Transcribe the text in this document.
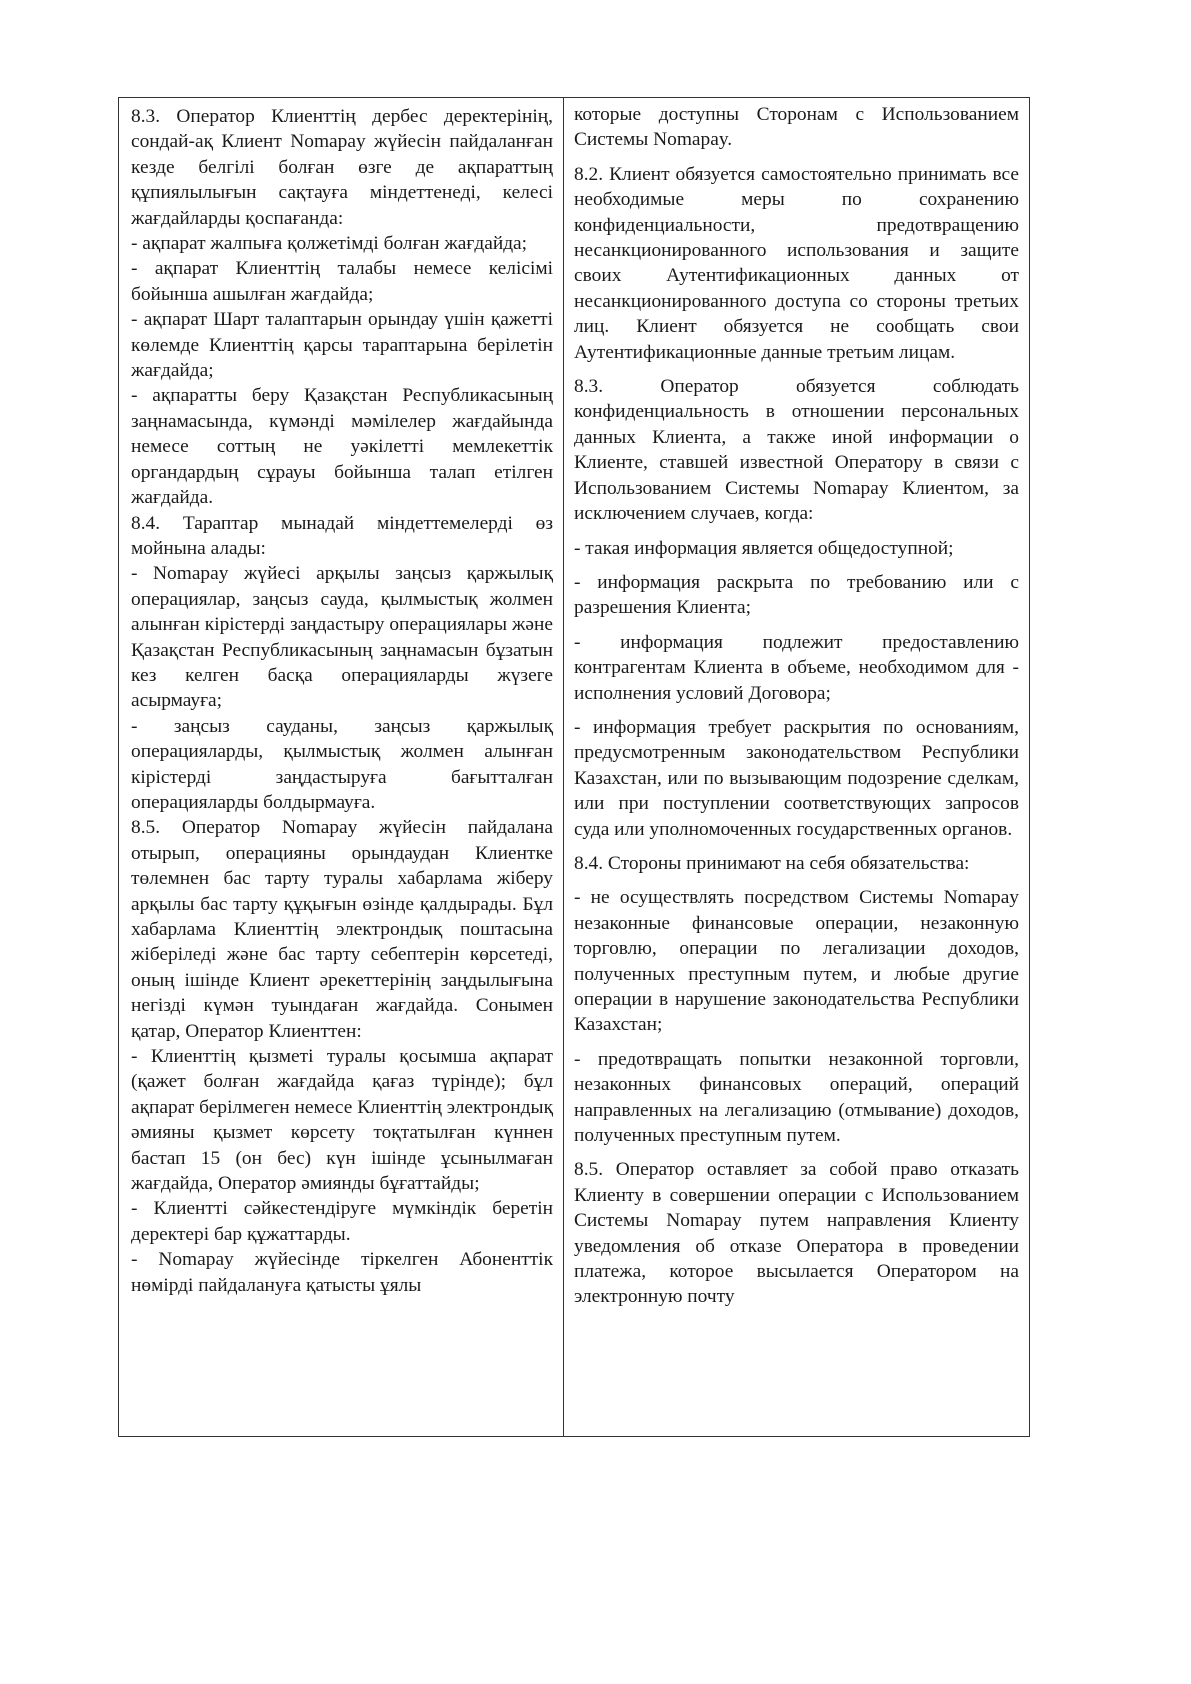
8.3. Оператор Клиенттің дербес деректерінің, сондай-ақ Клиент Nomapay жүйесін пайдаланған кезде белгілі болған өзге де ақпараттың құпиялылығын сақтауға міндеттенеді, келесі жағдайларды қоспағанда:

- ақпарат жалпыға қолжетімді болған жағдайда;

- ақпарат Клиенттің талабы немесе келісімі бойынша ашылған жағдайда;

- ақпарат Шарт талаптарын орындау үшін қажетті көлемде Клиенттің қарсы тараптарына берілетін жағдайда;

- ақпаратты беру Қазақстан Республикасының заңнамасында, күмәнді мәмілелер жағдайында немесе соттың не уәкілетті мемлекеттік органдардың сұрауы бойынша талап етілген жағдайда.

8.4. Тараптар мынадай міндеттемелерді өз мойнына алады:

- Nomapay жүйесі арқылы заңсыз қаржылық операциялар, заңсыз сауда, қылмыстық жолмен алынған кірістерді заңдастыру операциялары және Қазақстан Республикасының заңнамасын бұзатын кез келген басқа операцияларды жүзеге асырмауға;

- заңсыз сауданы, заңсыз қаржылық операцияларды, қылмыстық жолмен алынған кірістерді заңдастыруға бағытталған операцияларды болдырмауға.

8.5. Оператор Nomapay жүйесін пайдалана отырып, операцияны орындаудан Клиентке төлемнен бас тарту туралы хабарлама жіберу арқылы бас тарту құқығын өзінде қалдырады. Бұл хабарлама Клиенттің электрондық поштасына жіберіледі және бас тарту себептерін көрсетеді, оның ішінде Клиент әрекеттерінің заңдылығына негізді күмән туындаған жағдайда. Сонымен қатар, Оператор Клиенттен:

- Клиенттің қызметі туралы қосымша ақпарат (қажет болған жағдайда қағаз түрінде); бұл ақпарат берілмеген немесе Клиенттің электрондық әмияны қызмет көрсету тоқтатылған күннен бастап 15 (он бес) күн ішінде ұсынылмаған жағдайда, Оператор әмиянды бұғаттайды;

- Клиентті сәйкестендіруге мүмкіндік беретін деректері бар құжаттарды.

- Nomapay жүйесінде тіркелген Абоненттік нөмірді пайдалануға қатысты ұялы

которые доступны Сторонам с Использованием Системы Nomapay.

8.2. Клиент обязуется самостоятельно принимать все необходимые меры по сохранению конфиденциальности, предотвращению несанкционированного использования и защите своих Аутентификационных данных от несанкционированного доступа со стороны третьих лиц. Клиент обязуется не сообщать свои Аутентификационные данные третьим лицам.

8.3. Оператор обязуется соблюдать конфиденциальность в отношении персональных данных Клиента, а также иной информации о Клиенте, ставшей известной Оператору в связи с Использованием Системы Nomapay Клиентом, за исключением случаев, когда:

- такая информация является общедоступной;

- информация раскрыта по требованию или с разрешения Клиента;

- информация подлежит предоставлению контрагентам Клиента в объеме, необходимом для - исполнения условий Договора;

- информация требует раскрытия по основаниям, предусмотренным законодательством Республики Казахстан, или по вызывающим подозрение сделкам, или при поступлении соответствующих запросов суда или уполномоченных государственных органов.

8.4. Стороны принимают на себя обязательства:

- не осуществлять посредством Системы Nomapay незаконные финансовые операции, незаконную торговлю, операции по легализации доходов, полученных преступным путем, и любые другие операции в нарушение законодательства Республики Казахстан;

- предотвращать попытки незаконной торговли, незаконных финансовых операций, операций направленных на легализацию (отмывание) доходов, полученных преступным путем.

8.5. Оператор оставляет за собой право отказать Клиенту в совершении операции с Использованием Системы Nomapay путем направления Клиенту уведомления об отказе Оператора в проведении платежа, которое высылается Оператором на электронную почту
